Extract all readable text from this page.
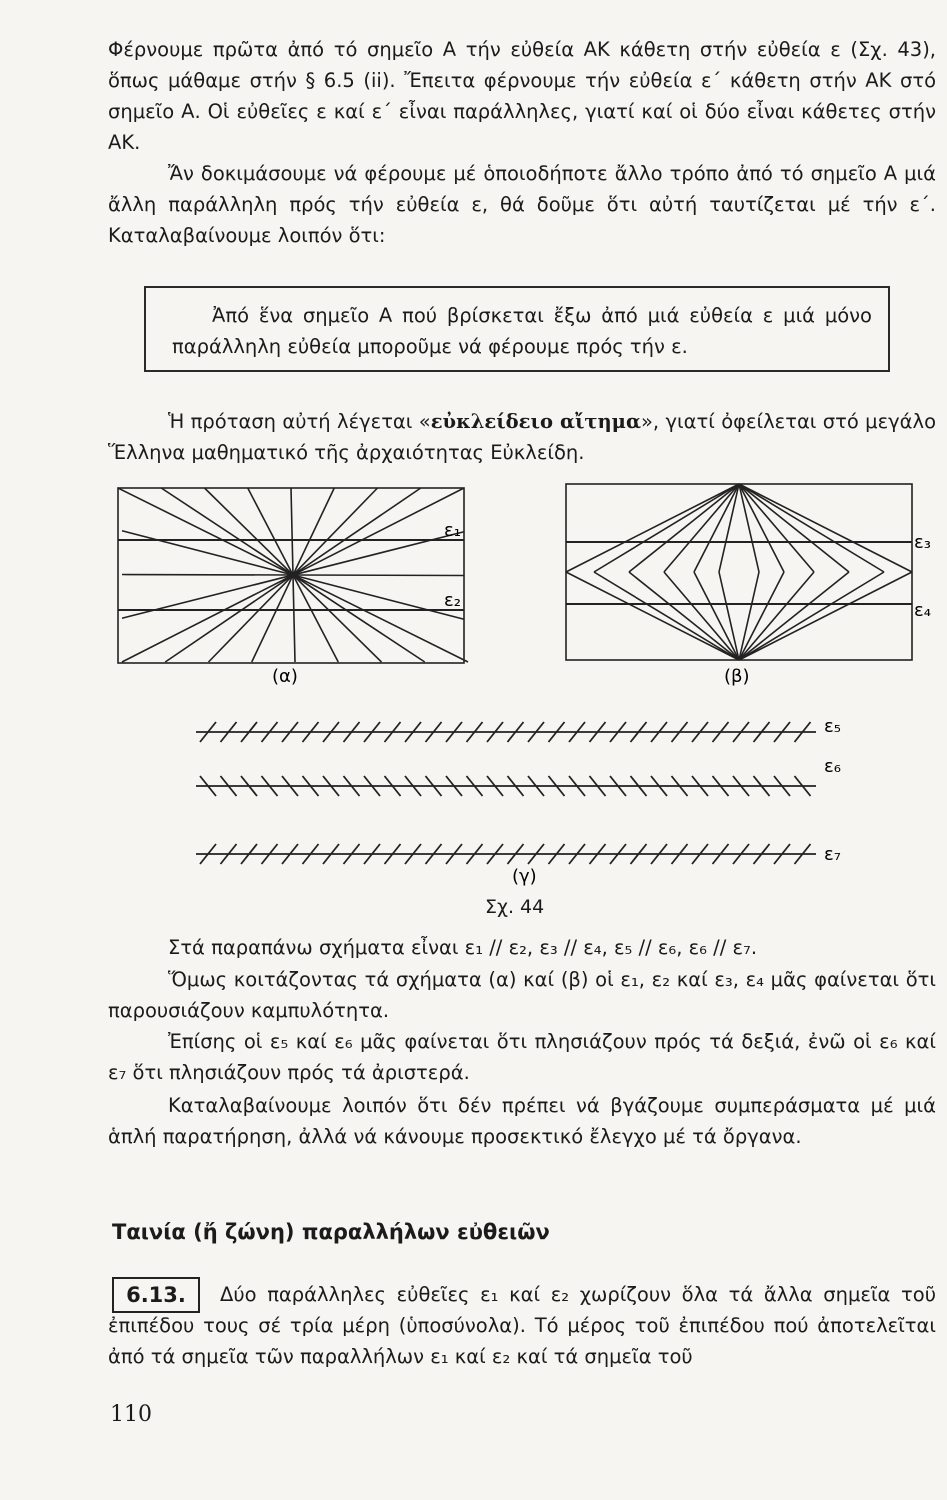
Φέρνουμε πρῶτα ἀπό τό σημεῖο Α τήν εὐθεία ΑΚ κάθετη στήν εὐθεία ε (Σχ. 43), ὅπως μάθαμε στήν § 6.5 (ii). Ἔπειτα φέρνουμε τήν εὐθεία ε΄ κάθετη στήν ΑΚ στό σημεῖο Α. Οἱ εὐθεῖες ε καί ε΄ εἶναι παράλληλες, γιατί καί οἱ δύο εἶναι κάθετες στήν ΑΚ.

Ἄν δοκιμάσουμε νά φέρουμε μέ ὁποιοδήποτε ἄλλο τρόπο ἀπό τό σημεῖο Α μιά ἄλλη παράλληλη πρός τήν εὐθεία ε, θά δοῦμε ὅτι αὐτή ταυτίζεται μέ τήν ε΄. Καταλαβαίνουμε λοιπόν ὅτι:

Ἀπό ἕνα σημεῖο Α πού βρίσκεται ἔξω ἀπό μιά εὐθεία ε μιά μόνο παράλληλη εὐθεία μποροῦμε νά φέρουμε πρός τήν ε.

Ἡ πρόταση αὐτή λέγεται «εὐκλείδειο αἴτημα», γιατί ὀφείλεται στό μεγάλο Ἕλληνα μαθηματικό τῆς ἀρχαιότητας Εὐκλείδη.

ε₁
ε₂
(α)
ε₃
ε₄
(β)
ε₅
ε₆
ε₇
(γ)
Σχ. 44

Στά παραπάνω σχήματα εἶναι ε₁ // ε₂, ε₃ // ε₄, ε₅ // ε₆, ε₆ // ε₇.

Ὅμως κοιτάζοντας τά σχήματα (α) καί (β) οἱ ε₁, ε₂ καί ε₃, ε₄ μᾶς φαίνεται ὅτι παρουσιάζουν καμπυλότητα.

Ἐπίσης οἱ ε₅ καί ε₆ μᾶς φαίνεται ὅτι πλησιάζουν πρός τά δεξιά, ἐνῶ οἱ ε₆ καί ε₇ ὅτι πλησιάζουν πρός τά ἀριστερά.

Καταλαβαίνουμε λοιπόν ὅτι δέν πρέπει νά βγάζουμε συμπεράσματα μέ μιά ἁπλή παρατήρηση, ἀλλά νά κάνουμε προσεκτικό ἔλεγχο μέ τά ὄργανα.

Ταινία (ἤ ζώνη) παραλλήλων εὐθειῶν
6.13.	Δύο παράλληλες εὐθεῖες ε₁ καί ε₂ χωρίζουν ὅλα τά ἄλλα σημεῖα τοῦ ἐπιπέδου τους σέ τρία μέρη (ὑποσύνολα). Τό μέρος τοῦ ἐπιπέδου πού ἀποτελεῖται ἀπό τά σημεῖα τῶν παραλλήλων ε₁ καί ε₂ καί τά σημεῖα τοῦ

110
